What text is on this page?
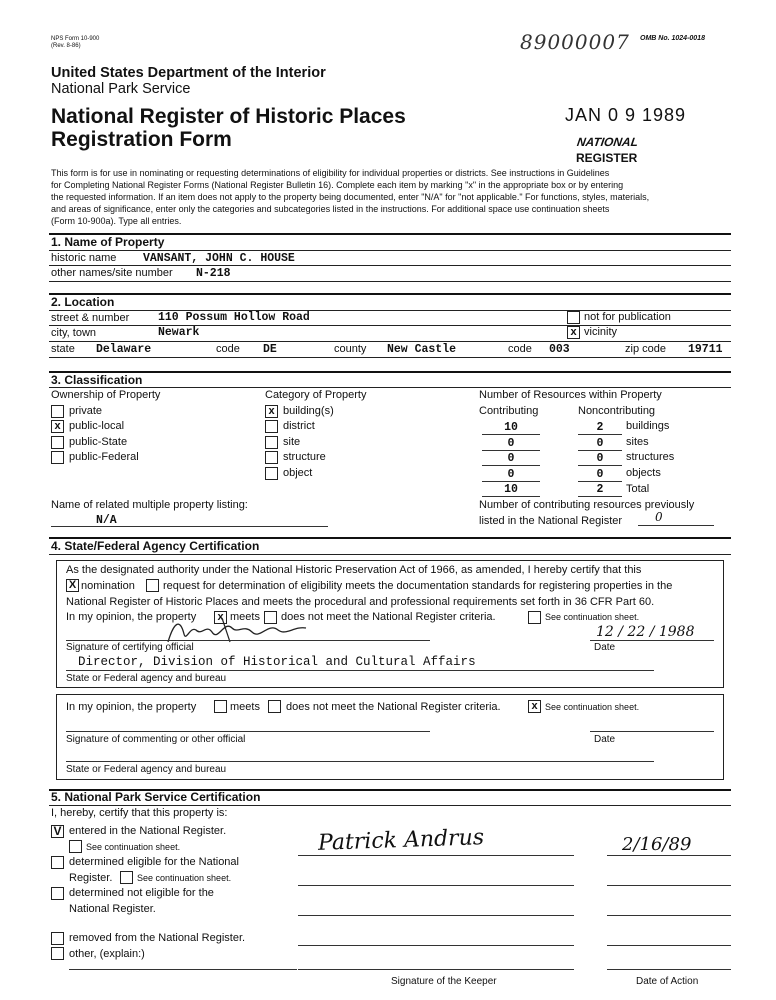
NPS Form 10-900
(Rev. 8-86)
OMB No. 1024-0018
89000007
United States Department of the Interior
National Park Service
National Register of Historic Places
Registration Form
JAN 0 9 1989
NATIONAL
REGISTER
This form is for use in nominating or requesting determinations of eligibility for individual properties or districts. See instructions in Guidelines
for Completing National Register Forms (National Register Bulletin 16). Complete each item by marking "x" in the appropriate box or by entering
the requested information. If an item does not apply to the property being documented, enter "N/A" for "not applicable." For functions, styles, materials,
and areas of significance, enter only the categories and subcategories listed in the instructions. For additional space use continuation sheets
(Form 10-900a). Type all entries.
1. Name of Property
historic name VANSANT, JOHN C. HOUSE
other names/site number N-218
2. Location
street & number 110 Possum Hollow Road	not for publication
city, town	Newark	x vicinity
state Delaware	code DE	county New Castle	code 003	zip code 19711
3. Classification
Ownership of Property
private
x public-local
public-State
public-Federal
Category of Property
x building(s)
district
site
structure
object
Number of Resources within Property
Contributing	Noncontributing
10	2	buildings
0	0	sites
0	0	structures
0	0	objects
10	2	Total
Name of related multiple property listing:
N/A
Number of contributing resources previously
listed in the National Register	0
4. State/Federal Agency Certification
As the designated authority under the National Historic Preservation Act of 1966, as amended, I hereby certify that this
X nomination	request for determination of eligibility meets the documentation standards for registering properties in the
National Register of Historic Places and meets the procedural and professional requirements set forth in 36 CFR Part 60.
In my opinion, the property	x meets does not meet the National Register criteria.	See continuation sheet.
12 / 22 / 1988
Signature of certifying official	Date
Director, Division of Historical and Cultural Affairs
State or Federal agency and bureau
In my opinion, the property	meets does not meet the National Register criteria.	x See continuation sheet.
Signature of commenting or other official	Date
State or Federal agency and bureau
5. National Park Service Certification
I, hereby, certify that this property is:
V entered in the National Register.
See continuation sheet.
determined eligible for the National
Register.	See continuation sheet.
determined not eligible for the
National Register.
removed from the National Register.
other, (explain:)
Patrick Andrus	2/16/89
Signature of the Keeper	Date of Action
